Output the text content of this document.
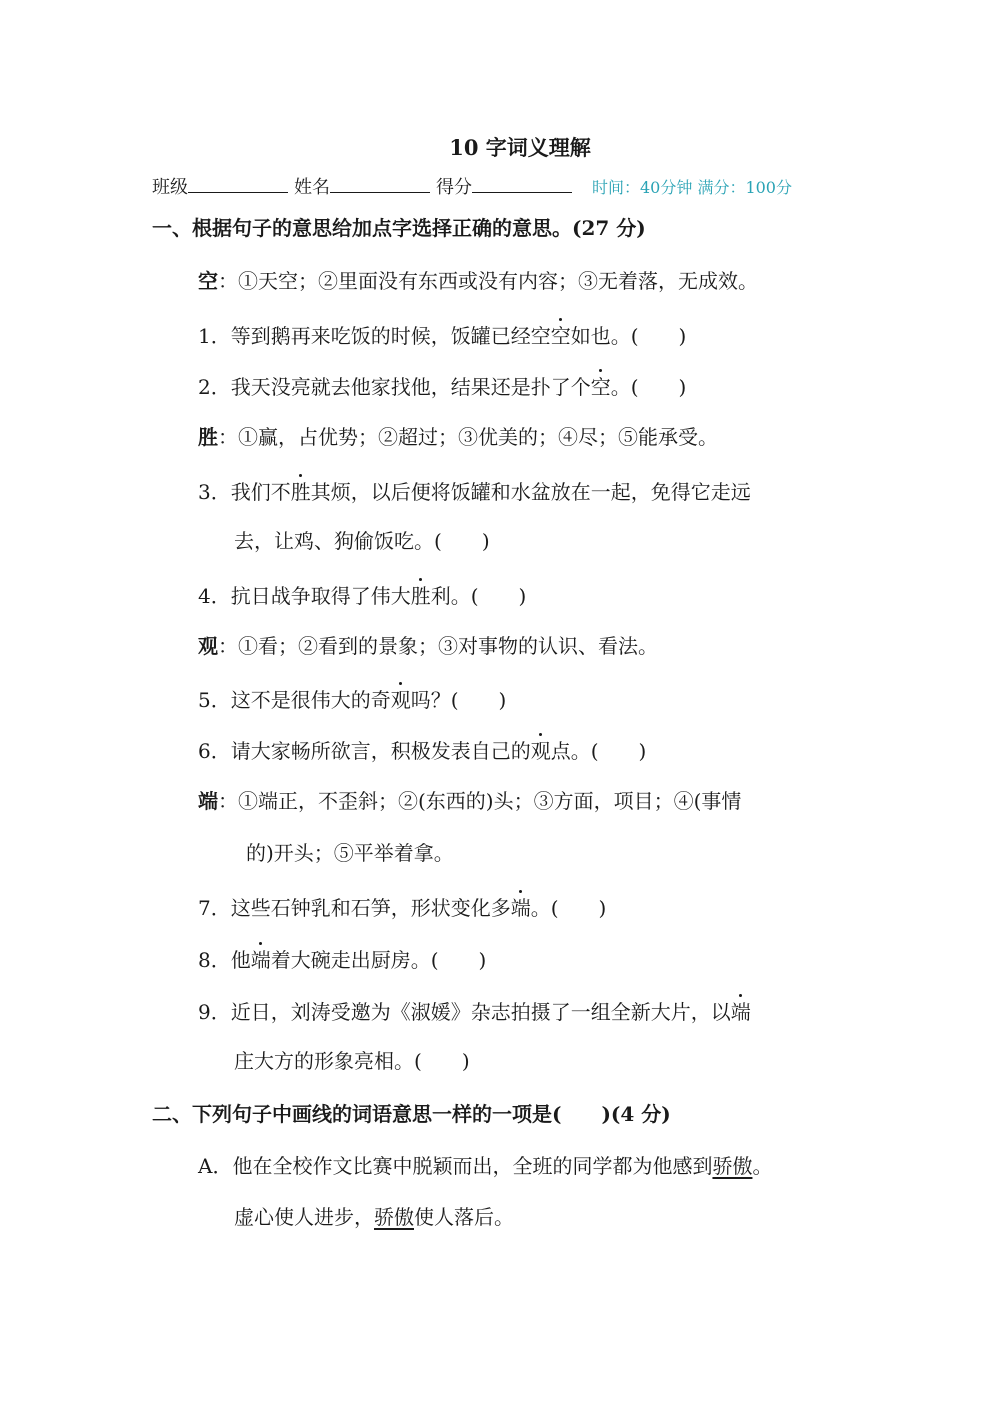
10 字词义理解
班级	姓名	得分	时间：40分钟 满分：100分
一、根据句子的意思给加点字选择正确的意思。(27 分)
空：①天空；②里面没有东西或没有内容；③无着落，无成效。
1．等到鹅再来吃饭的时候，饭罐已经空空如也。( )
2．我天没亮就去他家找他，结果还是扑了个空。( )
胜：①赢，占优势；②超过；③优美的；④尽；⑤能承受。
3．我们不胜其烦，以后便将饭罐和水盆放在一起，免得它走远
去，让鸡、狗偷饭吃。( )
4．抗日战争取得了伟大胜利。( )
观：①看；②看到的景象；③对事物的认识、看法。
5．这不是很伟大的奇观吗？( )
6．请大家畅所欲言，积极发表自己的观点。( )
端：①端正，不歪斜；②(东西的)头；③方面，项目；④(事情
的)开头；⑤平举着拿。
7．这些石钟乳和石笋，形状变化多端。( )
8．他端着大碗走出厨房。( )
9．近日，刘涛受邀为《淑媛》杂志拍摄了一组全新大片，以端
庄大方的形象亮相。( )
二、下列句子中画线的词语意思一样的一项是( )(4 分)
A．他在全校作文比赛中脱颖而出，全班的同学都为他感到骄傲。
虚心使人进步，骄傲使人落后。
